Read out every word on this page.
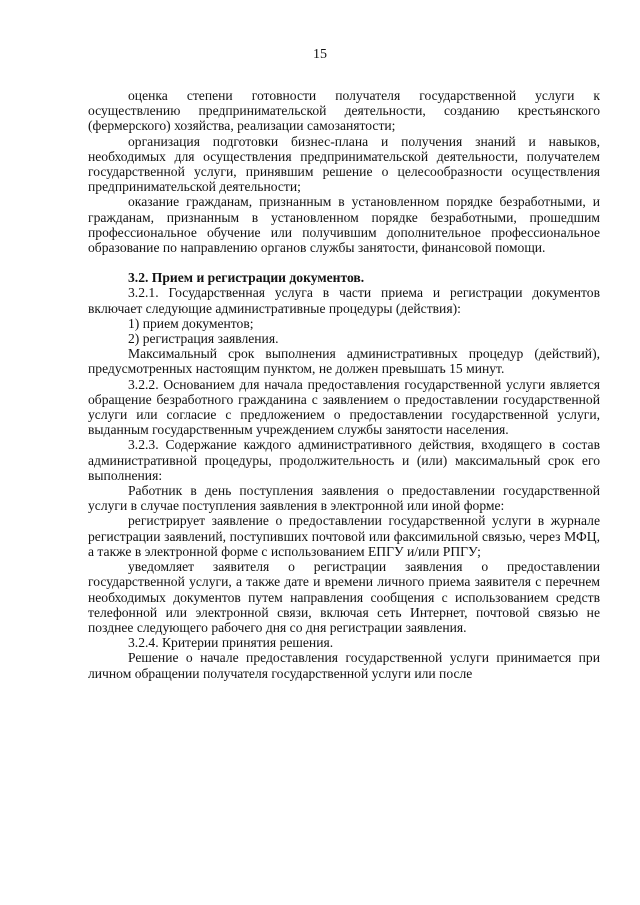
15

оценка степени готовности получателя государственной услуги к осуществлению предпринимательской деятельности, созданию крестьянского (фермерского) хозяйства, реализации самозанятости;

организация подготовки бизнес-плана и получения знаний и навыков, необходимых для осуществления предпринимательской деятельности, получателем государственной услуги, принявшим решение о целесообразности осуществления предпринимательской деятельности;

оказание гражданам, признанным в установленном порядке безработными, и гражданам, признанным в установленном порядке безработными, прошедшим профессиональное обучение или получившим дополнительное профессиональное образование по направлению органов службы занятости, финансовой помощи.

3.2. Прием и регистрации документов.

3.2.1. Государственная услуга в части приема и регистрации документов включает следующие административные процедуры (действия):

1) прием документов;

2) регистрация заявления.

Максимальный срок выполнения административных процедур (действий), предусмотренных настоящим пунктом, не должен превышать 15 минут.

3.2.2. Основанием для начала предоставления государственной услуги является обращение безработного гражданина с заявлением о предоставлении государственной услуги или согласие с предложением о предоставлении государственной услуги, выданным государственным учреждением службы занятости населения.

3.2.3. Содержание каждого административного действия, входящего в состав административной процедуры, продолжительность и (или) максимальный срок его выполнения:

Работник в день поступления заявления о предоставлении государственной услуги в случае поступления заявления в электронной или иной форме:

регистрирует заявление о предоставлении государственной услуги в журнале регистрации заявлений, поступивших почтовой или факсимильной связью, через МФЦ, а также в электронной форме с использованием ЕПГУ и/или РПГУ;

уведомляет заявителя о регистрации заявления о предоставлении государственной услуги, а также дате и времени личного приема заявителя с перечнем необходимых документов путем направления сообщения с использованием средств телефонной или электронной связи, включая сеть Интернет, почтовой связью не позднее следующего рабочего дня со дня регистрации заявления.

3.2.4. Критерии принятия решения.

Решение о начале предоставления государственной услуги принимается при личном обращении получателя государственной услуги или после
